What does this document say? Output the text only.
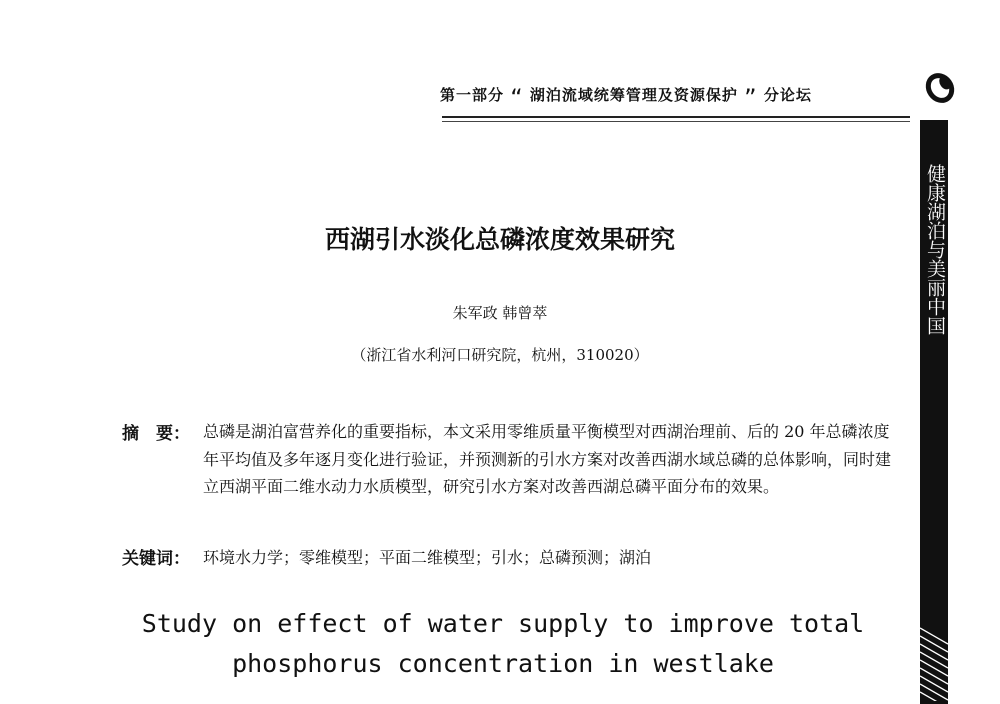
第一部分 “ 湖泊流域统筹管理及资源保护 ” 分论坛
健康湖泊与美丽中国
西湖引水淡化总磷浓度效果研究
朱军政 韩曾萃
（浙江省水利河口研究院，杭州，310020）
摘　要： 总磷是湖泊富营养化的重要指标，本文采用零维质量平衡模型对西湖治理前、后的 20 年总磷浓度年平均值及多年逐月变化进行验证，并预测新的引水方案对改善西湖水域总磷的总体影响，同时建立西湖平面二维水动力水质模型，研究引水方案对改善西湖总磷平面分布的效果。
关键词： 环境水力学；零维模型；平面二维模型；引水；总磷预测；湖泊
Study on effect of water supply to improve total
phosphorus concentration in westlake
